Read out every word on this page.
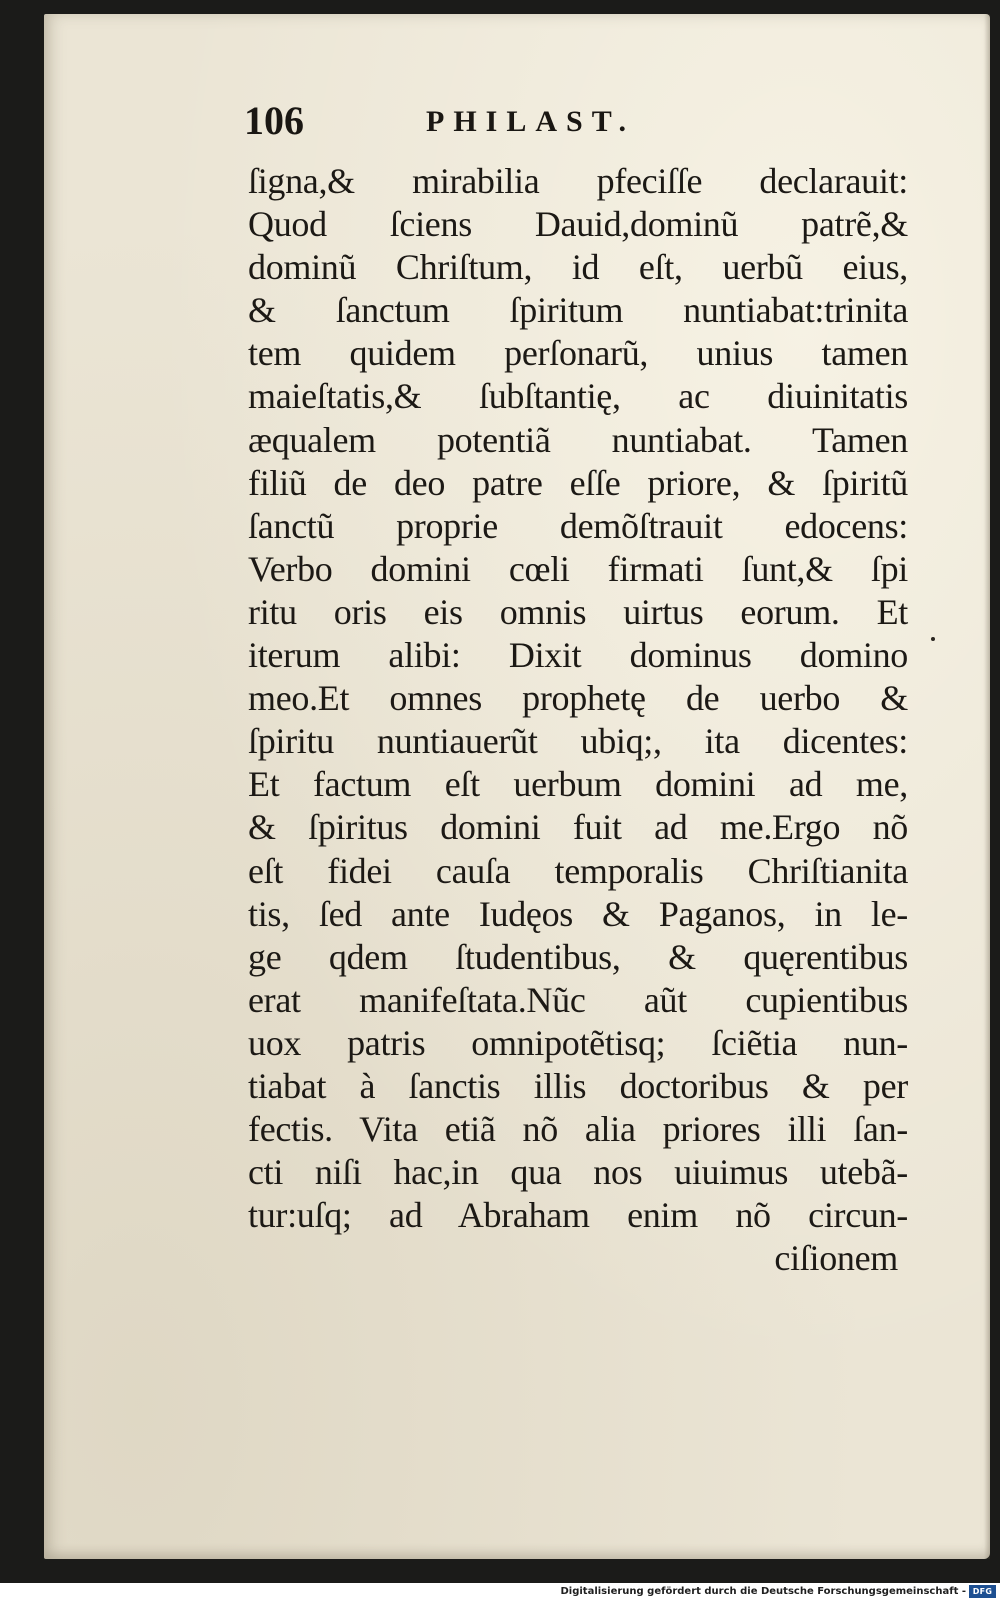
106	PHILAST.
ſigna,& mirabilia pfeciſſe declarauit:
Quod ſciens Dauid,dominũ patrẽ,&
dominũ Chriſtum, id eſt, uerbũ eius,
& ſanctum ſpiritum nuntiabat:trinita
tem quidem perſonarũ, unius tamen
maieſtatis,& ſubſtantię, ac diuinitatis
æqualem potentiã nuntiabat. Tamen
filiũ de deo patre eſſe priore, & ſpiritũ
ſanctũ proprie demõſtrauit edocens:
Verbo domini cœli firmati ſunt,& ſpi
ritu oris eis omnis uirtus eorum. Et
iterum alibi: Dixit dominus domino
meo.Et omnes prophetę de uerbo &
ſpiritu nuntiauerũt ubiq;, ita dicentes:
Et factum eſt uerbum domini ad me,
& ſpiritus domini fuit ad me.Ergo nõ
eſt fidei cauſa temporalis Chriſtianita
tis, ſed ante Iudęos & Paganos, in le-
ge qdem ſtudentibus, & quęrentibus
erat manifeſtata.Nũc aũt cupientibus
uox patris omnipotẽtisq; ſciẽtia nun-
tiabat à ſanctis illis doctoribus & per
fectis. Vita etiã nõ alia priores illi ſan-
cti niſi hac,in qua nos uiuimus utebã-
tur:uſq; ad Abraham enim nõ circun-
ciſionem
Digitalisierung gefördert durch die Deutsche Forschungsgemeinschaft - DFG
